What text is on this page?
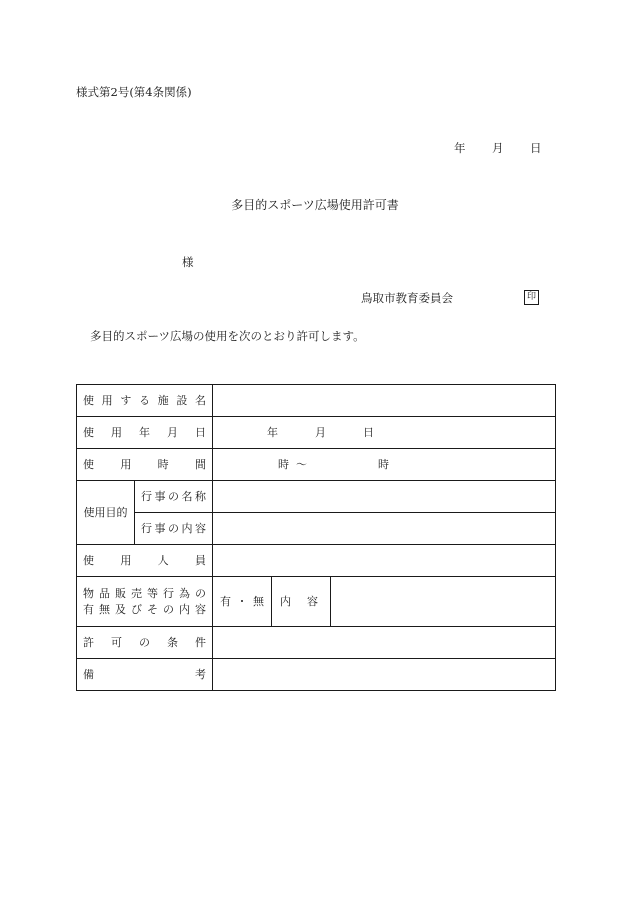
様式第2号(第4条関係)
年 月 日
多目的スポーツ広場使用許可書
様
鳥取市教育委員会	印
多目的スポーツ広場の使用を次のとおり許可します。
使用する施設名				
使用年月日		年 月 日		
使用時間		時 ～ 時		
使用目的	行事の名称			
	行事の内容			
使用人員				

物品販売等行為の
有無及びその内容		有・無	内容	

許可の条件				
備考				
